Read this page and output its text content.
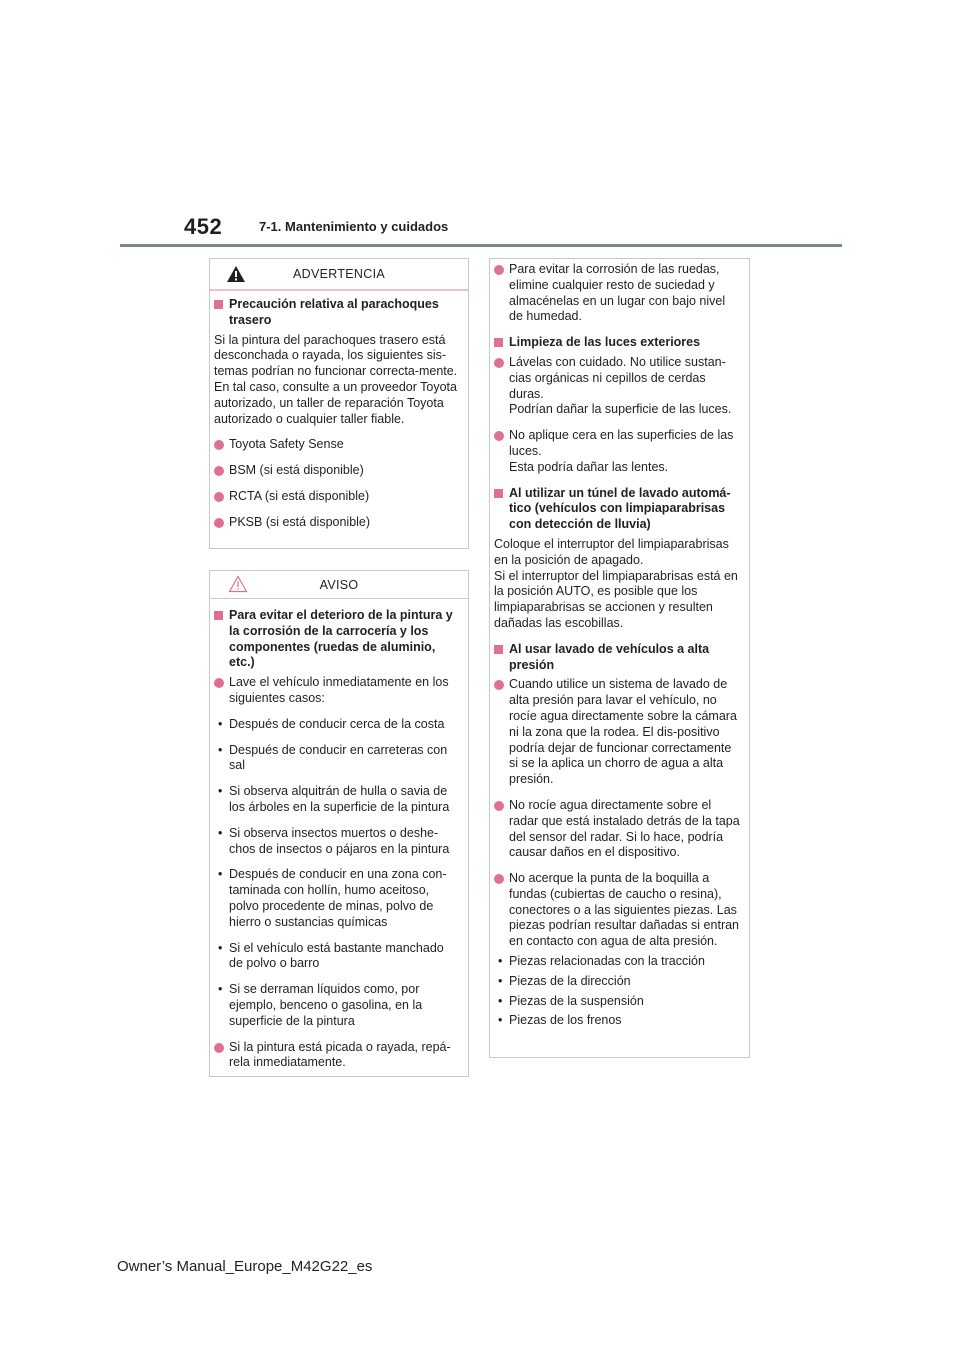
452	7-1. Mantenimiento y cuidados
ADVERTENCIA
Precaución relativa al parachoques trasero
Si la pintura del parachoques trasero está desconchada o rayada, los siguientes sis-temas podrían no funcionar correcta-mente. En tal caso, consulte a un proveedor Toyota autorizado, un taller de reparación Toyota autorizado o cualquier taller fiable.
Toyota Safety Sense
BSM (si está disponible)
RCTA (si está disponible)
PKSB (si está disponible)
AVISO
Para evitar el deterioro de la pintura y la corrosión de la carrocería y los componentes (ruedas de aluminio, etc.)
Lave el vehículo inmediatamente en los siguientes casos:
• Después de conducir cerca de la costa
• Después de conducir en carreteras con sal
• Si observa alquitrán de hulla o savia de los árboles en la superficie de la pintura
• Si observa insectos muertos o deshe-chos de insectos o pájaros en la pintura
• Después de conducir en una zona con-taminada con hollín, humo aceitoso, polvo procedente de minas, polvo de hierro o sustancias químicas
• Si el vehículo está bastante manchado de polvo o barro
• Si se derraman líquidos como, por ejemplo, benceno o gasolina, en la superficie de la pintura
Si la pintura está picada o rayada, repá-rela inmediatamente.
Para evitar la corrosión de las ruedas, elimine cualquier resto de suciedad y almacénelas en un lugar con bajo nivel de humedad.
Limpieza de las luces exteriores
Lávelas con cuidado. No utilice sustan-cias orgánicas ni cepillos de cerdas duras.
Podrían dañar la superficie de las luces.
No aplique cera en las superficies de las luces.
Esta podría dañar las lentes.
Al utilizar un túnel de lavado automá-tico (vehículos con limpiaparabrisas con detección de lluvia)
Coloque el interruptor del limpiaparabrisas en la posición de apagado.
Si el interruptor del limpiaparabrisas está en la posición AUTO, es posible que los limpiaparabrisas se accionen y resulten dañadas las escobillas.
Al usar lavado de vehículos a alta presión
Cuando utilice un sistema de lavado de alta presión para lavar el vehículo, no rocíe agua directamente sobre la cámara ni la zona que la rodea. El dis-positivo podría dejar de funcionar correctamente si se la aplica un chorro de agua a alta presión.
No rocíe agua directamente sobre el radar que está instalado detrás de la tapa del sensor del radar. Si lo hace, podría causar daños en el dispositivo.
No acerque la punta de la boquilla a fundas (cubiertas de caucho o resina), conectores o a las siguientes piezas. Las piezas podrían resultar dañadas si entran en contacto con agua de alta presión.
• Piezas relacionadas con la tracción
• Piezas de la dirección
• Piezas de la suspensión
• Piezas de los frenos
Owner’s Manual_Europe_M42G22_es
